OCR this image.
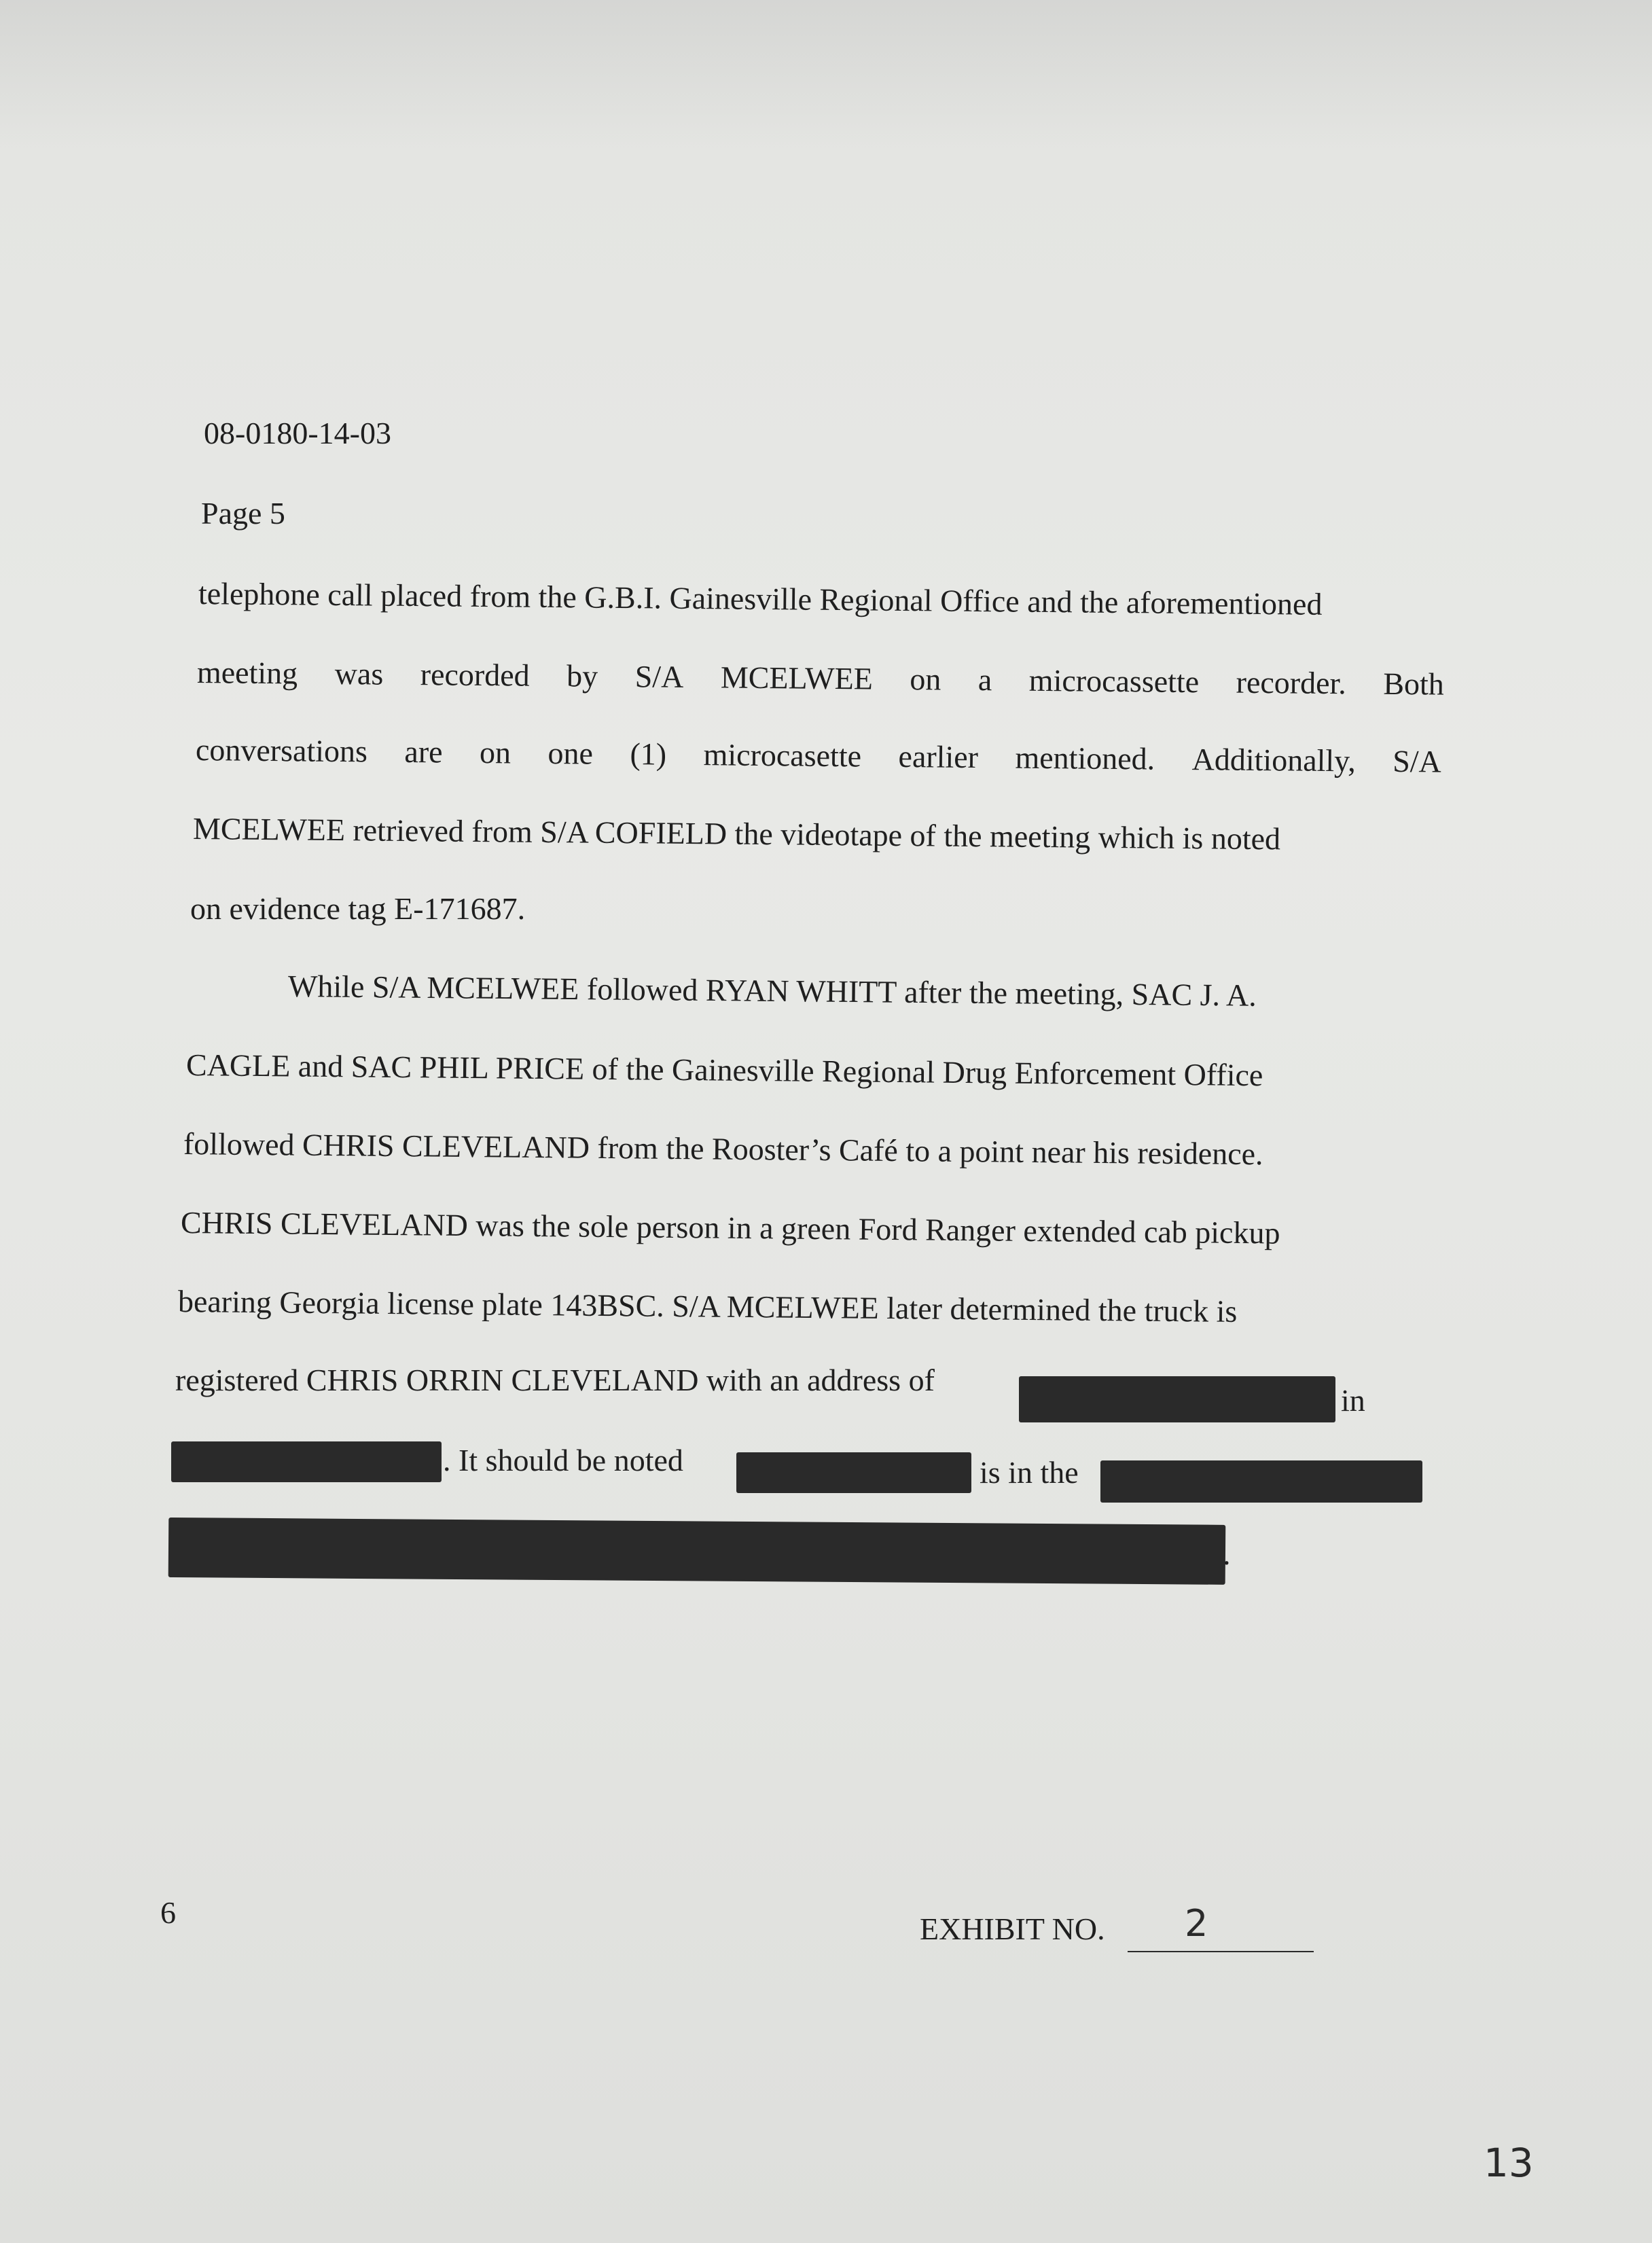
08-0180-14-03
Page 5
telephone call placed from the G.B.I. Gainesville Regional Office and the aforementioned
meeting was recorded by S/A MCELWEE on a microcassette recorder. Both
conversations are on one (1) microcasette earlier mentioned. Additionally, S/A
MCELWEE retrieved from S/A COFIELD the videotape of the meeting which is noted
on evidence tag E-171687.
While S/A MCELWEE followed RYAN WHITT after the meeting, SAC J. A.
CAGLE and SAC PHIL PRICE of the Gainesville Regional Drug Enforcement Office
followed CHRIS CLEVELAND from the Rooster’s Café to a point near his residence.
CHRIS CLEVELAND was the sole person in a green Ford Ranger extended cab pickup
bearing Georgia license plate 143BSC. S/A MCELWEE later determined the truck is
registered CHRIS ORRIN CLEVELAND with an address of
in
. It should be noted	is in the
.
6	EXHIBIT NO. 2
13
